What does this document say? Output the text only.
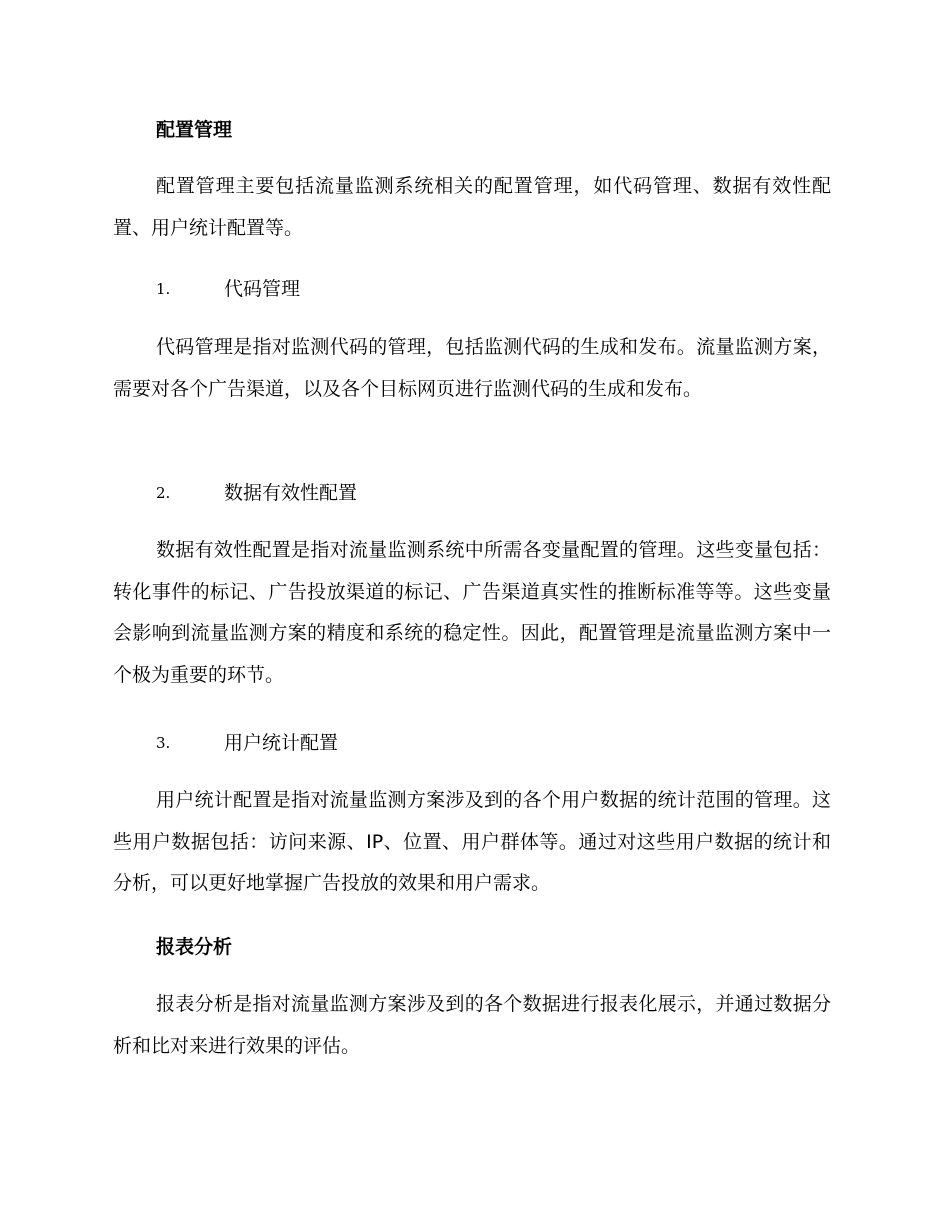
配置管理

配置管理主要包括流量监测系统相关的配置管理，如代码管理、数据有效性配置、用户统计配置等。

1.	代码管理

代码管理是指对监测代码的管理，包括监测代码的生成和发布。流量监测方案，需要对各个广告渠道，以及各个目标网页进行监测代码的生成和发布。

2.	数据有效性配置

数据有效性配置是指对流量监测系统中所需各变量配置的管理。这些变量包括：转化事件的标记、广告投放渠道的标记、广告渠道真实性的推断标准等等。这些变量会影响到流量监测方案的精度和系统的稳定性。因此，配置管理是流量监测方案中一个极为重要的环节。

3.	用户统计配置

用户统计配置是指对流量监测方案涉及到的各个用户数据的统计范围的管理。这些用户数据包括：访问来源、IP、位置、用户群体等。通过对这些用户数据的统计和分析，可以更好地掌握广告投放的效果和用户需求。

报表分析

报表分析是指对流量监测方案涉及到的各个数据进行报表化展示，并通过数据分析和比对来进行效果的评估。
